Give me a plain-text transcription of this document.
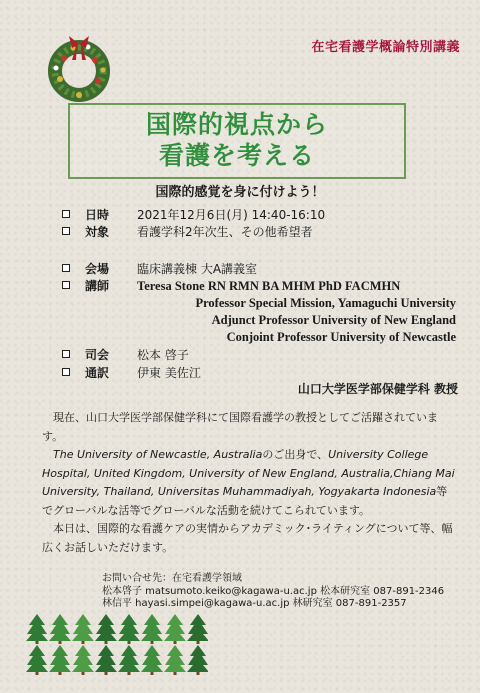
在宅看護学概論特別講義
国際的視点から
看護を考える
国際的感覚を身に付けよう！
日時 2021年12月6日(月) 14:40-16:10
対象 看護学科2年次生、その他希望者
会場 臨床講義棟 大A講義室
講師 Teresa Stone RN RMN BA MHM PhD FACMHN
司会 松本 啓子
通訳 伊東 美佐江
Professor Special Mission, Yamaguchi University
Adjunct Professor University of New England
Conjoint Professor University of Newcastle
山口大学医学部保健学科 教授

　現在、山口大学医学部保健学科にて国際看護学の教授としてご活躍されています。

　The University of Newcastle, Australiaのご出身で、University College Hospital, United Kingdom, University of New England, Australia,Chiang Mai University, Thailand, Universitas Muhammadiyah, Yogyakarta Indonesia等でグローバルな活等でグローバルな活動を続けてこられています。

　本日は、国際的な看護ケアの実情からアカデミック･ライティングについて等、幅広くお話しいただけます。

お問い合せ先：在宅看護学領域
松本啓子 matsumoto.keiko@kagawa-u.ac.jp 松本研究室 087-891-2346
林信平 hayasi.simpei@kagawa-u.ac.jp 林研究室 087-891-2357
